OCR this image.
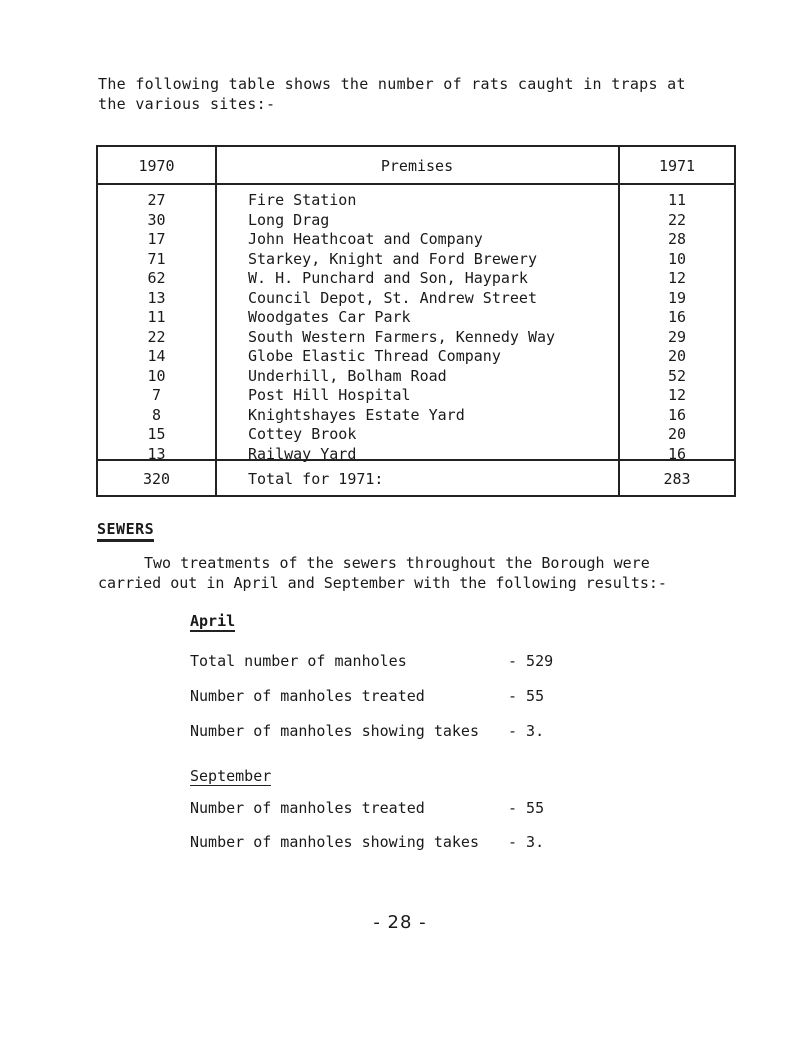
The following table shows the number of rats caught in traps at
the various sites:-

1970	Premises	1971
27	Fire Station	11
30	Long Drag	22
17	John Heathcoat and Company	28
71	Starkey, Knight and Ford Brewery	10
62	W. H. Punchard and Son, Haypark	12
13	Council Depot, St. Andrew Street	19
11	Woodgates Car Park	16
22	South Western Farmers, Kennedy Way	29
14	Globe Elastic Thread Company	20
10	Underhill, Bolham Road	52
7	Post Hill Hospital	12
8	Knightshayes Estate Yard	16
15	Cottey Brook	20
13	Railway Yard	16
320	Total for 1971:	283
SEWERS

Two treatments of the sewers throughout the Borough were
carried out in April and September with the following results:-

April
Total number of manholes	- 529
Number of manholes treated	- 55
Number of manholes showing takes - 3.
September
Number of manholes treated	- 55
Number of manholes showing takes - 3.
- 28 -
